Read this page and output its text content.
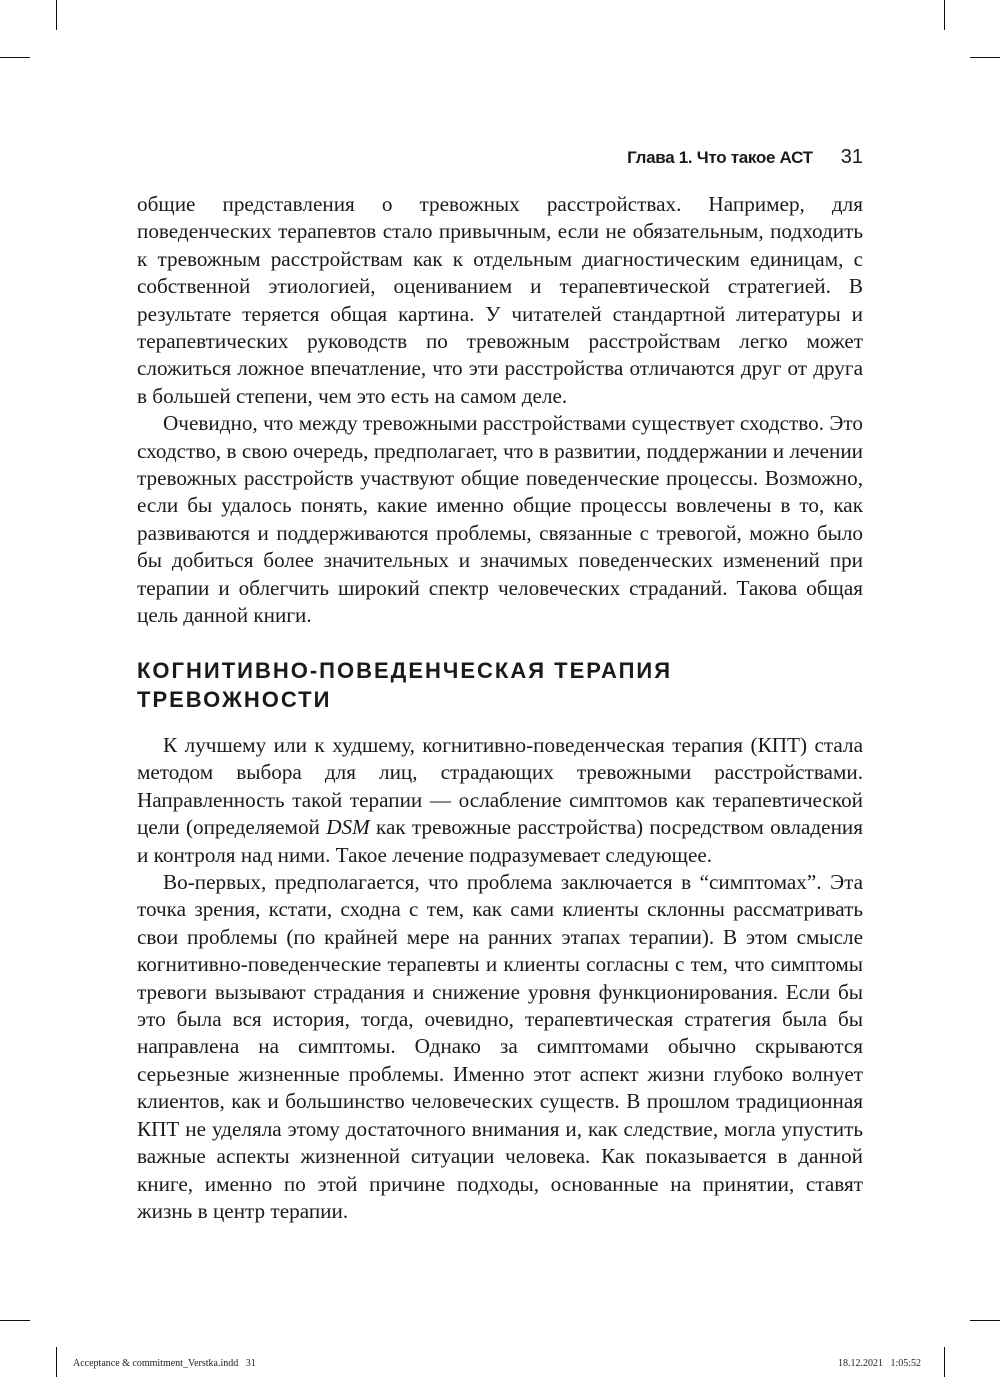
Глава 1. Что такое АСТ 31

общие представления о тревожных расстройствах. Например, для поведенческих терапевтов стало привычным, если не обязательным, подходить к тревожным расстройствам как к отдельным диагностическим единицам, с собственной этиологией, оцениванием и терапевтической стратегией. В результате теряется общая картина. У читателей стандартной литературы и терапевтических руководств по тревожным расстройствам легко может сложиться ложное впечатление, что эти расстройства отличаются друг от друга в большей степени, чем это есть на самом деле.

Очевидно, что между тревожными расстройствами существует сходство. Это сходство, в свою очередь, предполагает, что в развитии, поддержании и лечении тревожных расстройств участвуют общие поведенческие процессы. Возможно, если бы удалось понять, какие именно общие процессы вовлечены в то, как развиваются и поддерживаются проблемы, связанные с тревогой, можно было бы добиться более значительных и значимых поведенческих изменений при терапии и облегчить широкий спектр человеческих страданий. Такова общая цель данной книги.

КОГНИТИВНО-ПОВЕДЕНЧЕСКАЯ ТЕРАПИЯ
ТРЕВОЖНОСТИ

К лучшему или к худшему, когнитивно-поведенческая терапия (КПТ) стала методом выбора для лиц, страдающих тревожными расстройствами. Направленность такой терапии — ослабление симптомов как терапевтической цели (определяемой DSM как тревожные расстройства) посредством овладения и контроля над ними. Такое лечение подразумевает следующее.

Во-первых, предполагается, что проблема заключается в “симптомах”. Эта точка зрения, кстати, сходна с тем, как сами клиенты склонны рассматривать свои проблемы (по крайней мере на ранних этапах терапии). В этом смысле когнитивно-поведенческие терапевты и клиенты согласны с тем, что симптомы тревоги вызывают страдания и снижение уровня функционирования. Если бы это была вся история, тогда, очевидно, терапевтическая стратегия была бы направлена на симптомы. Однако за симптомами обычно скрываются серьезные жизненные проблемы. Именно этот аспект жизни глубоко волнует клиентов, как и большинство человеческих существ. В прошлом традиционная КПТ не уделяла этому достаточного внимания и, как следствие, могла упустить важные аспекты жизненной ситуации человека. Как показывается в данной книге, именно по этой причине подходы, основанные на принятии, ставят жизнь в центр терапии.

Acceptance & commitment_Verstka.indd   31	18.12.2021   1:05:52
